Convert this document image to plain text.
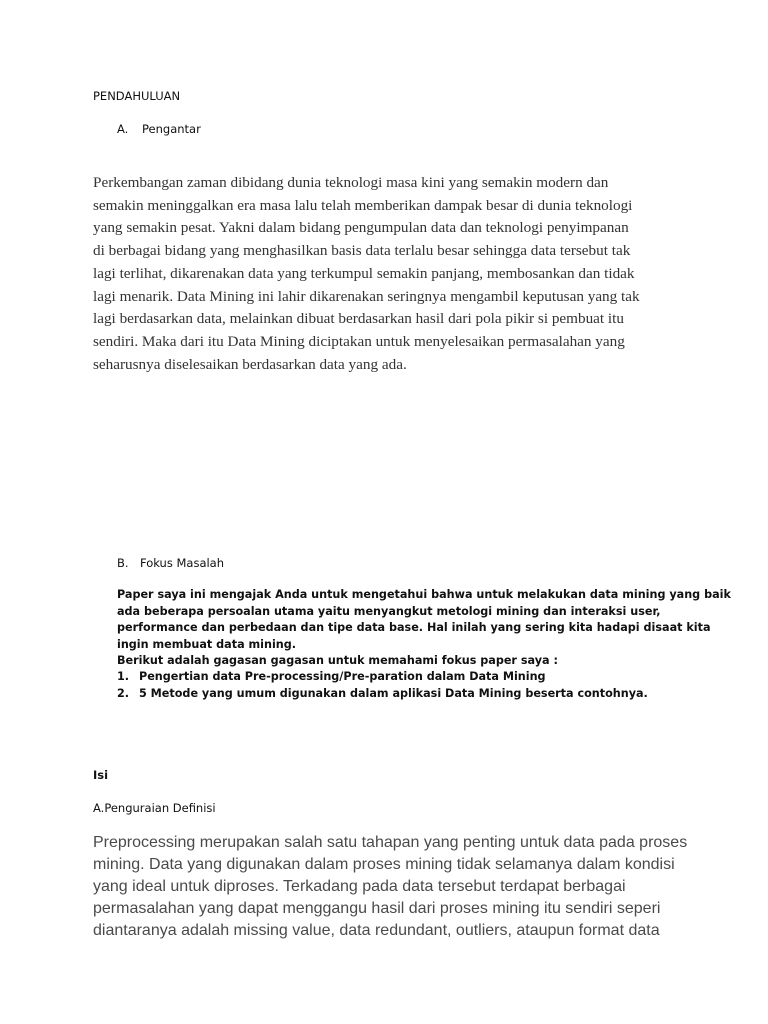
PENDAHULUAN
A.	Pengantar
Perkembangan zaman dibidang dunia teknologi masa kini yang semakin modern dan
semakin meninggalkan era masa lalu telah memberikan dampak besar di dunia teknologi
yang semakin pesat. Yakni dalam bidang pengumpulan data dan teknologi penyimpanan
di berbagai bidang yang menghasilkan basis data terlalu besar sehingga data tersebut tak
lagi terlihat, dikarenakan data yang terkumpul semakin panjang, membosankan dan tidak
lagi menarik. Data Mining ini lahir dikarenakan seringnya mengambil keputusan yang tak
lagi berdasarkan data, melainkan dibuat berdasarkan hasil dari pola pikir si pembuat itu
sendiri. Maka dari itu Data Mining diciptakan untuk menyelesaikan permasalahan yang
seharusnya diselesaikan berdasarkan data yang ada.
B. Fokus Masalah
Paper saya ini mengajak Anda untuk mengetahui bahwa untuk melakukan data mining yang baik
ada beberapa persoalan utama yaitu menyangkut metologi mining dan interaksi user,
performance dan perbedaan dan tipe data base. Hal inilah yang sering kita hadapi disaat kita
ingin membuat data mining.
Berikut adalah gagasan gagasan untuk memahami fokus paper saya :
1. Pengertian data Pre-processing/Pre-paration dalam Data Mining
2. 5 Metode yang umum digunakan dalam aplikasi Data Mining beserta contohnya.
Isi
A.Penguraian Definisi
Preprocessing merupakan salah satu tahapan yang penting untuk data pada proses
mining. Data yang digunakan dalam proses mining tidak selamanya dalam kondisi
yang ideal untuk diproses. Terkadang pada data tersebut terdapat berbagai
permasalahan yang dapat menggangu hasil dari proses mining itu sendiri seperi
diantaranya adalah missing value, data redundant, outliers, ataupun format data
